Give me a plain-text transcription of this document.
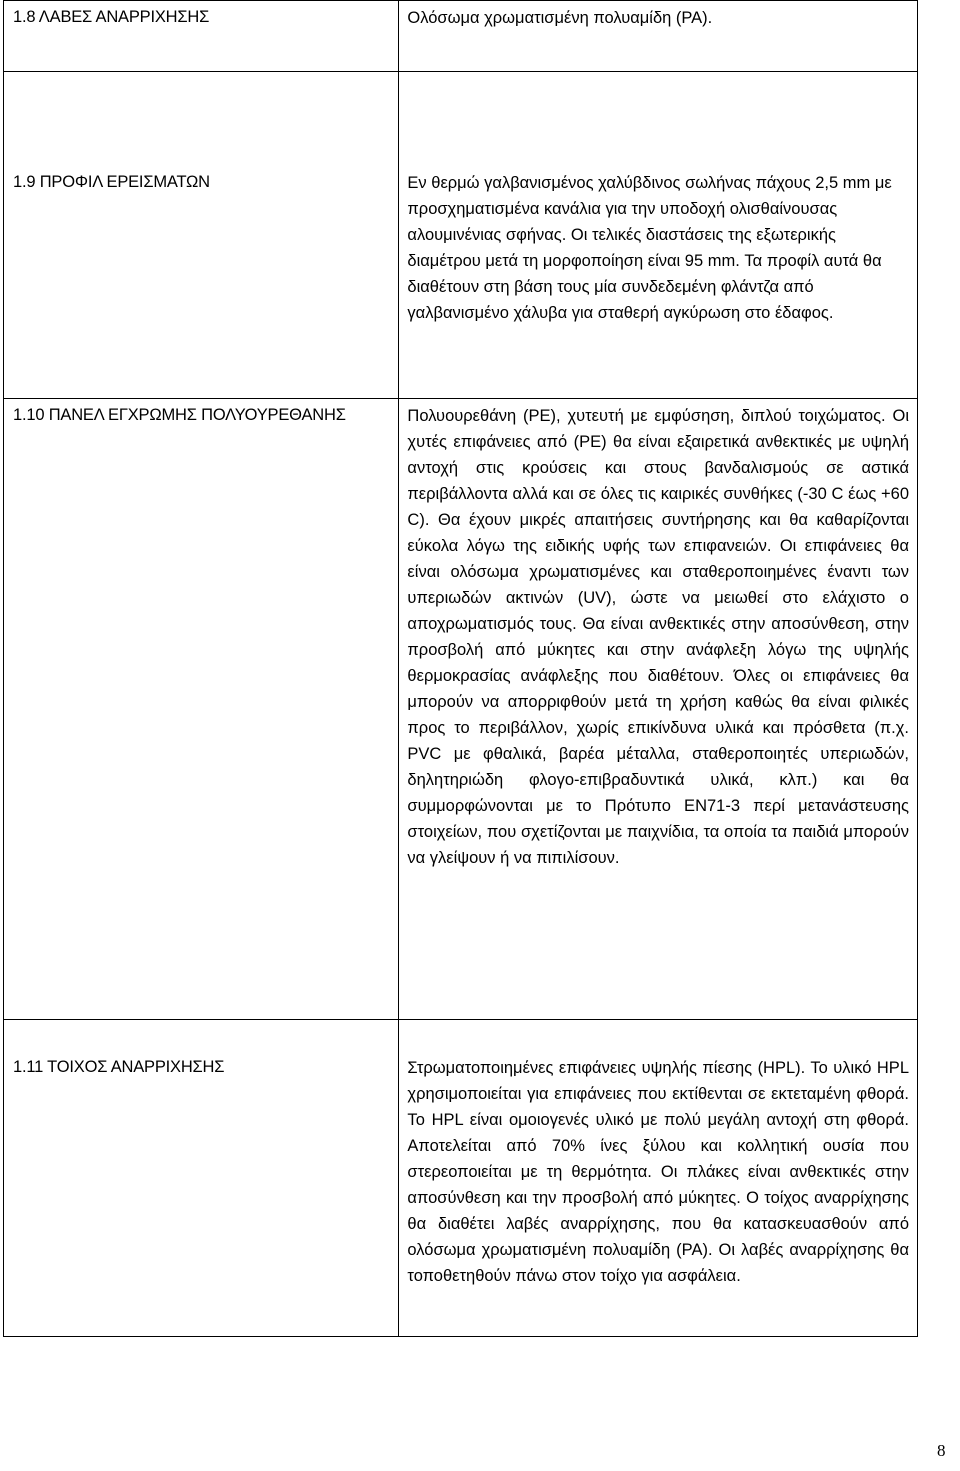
1.8 ΛΑΒΕΣ ΑΝΑΡΡΙΧΗΣΗΣ	Ολόσωμα χρωματισμένη πολυαμίδη (PA).

1.9 ΠΡΟΦΙΛ ΕΡΕΙΣΜΑΤΩΝ	Εν θερμώ γαλβανισμένος χαλύβδινος σωλήνας πάχους 2,5 mm με προσχηματισμένα κανάλια για την υποδοχή ολισθαίνουσας αλουμινένιας σφήνας. Οι τελικές διαστάσεις της εξωτερικής διαμέτρου μετά τη μορφοποίηση είναι 95 mm. Τα προφίλ αυτά θα διαθέτουν στη βάση τους μία συνδεδεμένη φλάντζα από γαλβανισμένο χάλυβα για σταθερή αγκύρωση στο έδαφος.

1.10 ΠΑΝΕΛ ΕΓΧΡΩΜΗΣ ΠΟΛΥΟΥΡΕΘΑΝΗΣ	Πολυουρεθάνη (PE), χυτευτή με εμφύσηση, διπλού τοιχώματος. Οι χυτές επιφάνειες από (PE) θα είναι εξαιρετικά ανθεκτικές με υψηλή αντοχή στις κρούσεις και στους βανδαλισμούς σε αστικά περιβάλλοντα αλλά και σε όλες τις καιρικές συνθήκες (-30 C έως +60 C). Θα έχουν μικρές απαιτήσεις συντήρησης και θα καθαρίζονται εύκολα λόγω της ειδικής υφής των επιφανειών. Οι επιφάνειες θα είναι ολόσωμα χρωματισμένες και σταθεροποιημένες έναντι των υπεριωδών ακτινών (UV), ώστε να μειωθεί στο ελάχιστο ο αποχρωματισμός τους. Θα είναι ανθεκτικές στην αποσύνθεση, στην προσβολή από μύκητες και στην ανάφλεξη λόγω της υψηλής θερμοκρασίας ανάφλεξης που διαθέτουν. Όλες οι επιφάνειες θα μπορούν να απορριφθούν μετά τη χρήση καθώς θα είναι φιλικές προς το περιβάλλον, χωρίς επικίνδυνα υλικά και πρόσθετα (π.χ. PVC με φθαλικά, βαρέα μέταλλα, σταθεροποιητές υπεριωδών, δηλητηριώδη φλογο-επιβραδυντικά υλικά, κλπ.) και θα συμμορφώνονται με το Πρότυπο ΕΝ71-3 περί μετανάστευσης στοιχείων, που σχετίζονται με παιχνίδια, τα οποία τα παιδιά μπορούν να γλείψουν ή να πιπιλίσουν.

1.11 ΤΟΙΧΟΣ ΑΝΑΡΡΙΧΗΣΗΣ	Στρωματοποιημένες επιφάνειες υψηλής πίεσης (HPL). Το υλικό HPL χρησιμοποιείται για επιφάνειες που εκτίθενται σε εκτεταμένη φθορά. Το HPL είναι ομοιογενές υλικό με πολύ μεγάλη αντοχή στη φθορά. Αποτελείται από 70% ίνες ξύλου και κολλητική ουσία που στερεοποιείται με τη θερμότητα. Οι πλάκες είναι ανθεκτικές στην αποσύνθεση και την προσβολή από μύκητες. Ο τοίχος αναρρίχησης θα διαθέτει λαβές αναρρίχησης, που θα κατασκευασθούν από ολόσωμα χρωματισμένη πολυαμίδη (PA). Οι λαβές αναρρίχησης θα τοποθετηθούν πάνω στον τοίχο για ασφάλεια.
8
